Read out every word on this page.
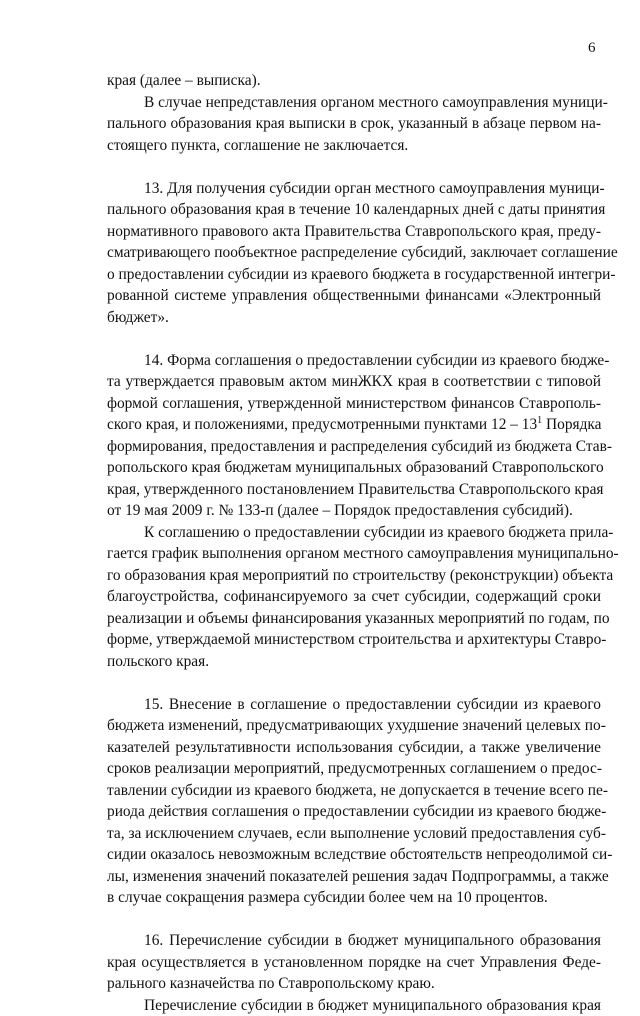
6
края (далее – выписка).
В случае непредставления органом местного самоуправления муници-
пального образования края выписки в срок, указанный в абзаце первом на-
стоящего пункта, соглашение не заключается.
13. Для получения субсидии орган местного самоуправления муници-
пального образования края в течение 10 календарных дней с даты принятия
нормативного правового акта Правительства Ставропольского края, преду-
сматривающего пообъектное распределение субсидий, заключает соглашение
о предоставлении субсидии из краевого бюджета в государственной интегри-
рованной системе управления общественными финансами «Электронный
бюджет».
14. Форма соглашения о предоставлении субсидии из краевого бюдже-
та утверждается правовым актом минЖКХ края в соответствии с типовой
формой соглашения, утвержденной министерством финансов Ставрополь-
ского края, и положениями, предусмотренными пунктами $12 - 13^1$ Порядка
формирования, предоставления и распределения субсидий из бюджета Став-
ропольского края бюджетам муниципальных образований Ставропольского
края, утвержденного постановлением Правительства Ставропольского края
от 19 мая 2009 г. № 133-п (далее – Порядок предоставления субсидий).
К соглашению о предоставлении субсидии из краевого бюджета прила-
гается график выполнения органом местного самоуправления муниципально-
го образования края мероприятий по строительству (реконструкции) объекта
благоустройства, софинансируемого за счет субсидии, содержащий сроки
реализации и объемы финансирования указанных мероприятий по годам, по
форме, утверждаемой министерством строительства и архитектуры Ставро-
польского края.
15. Внесение в соглашение о предоставлении субсидии из краевого
бюджета изменений, предусматривающих ухудшение значений целевых по-
казателей результативности использования субсидии, а также увеличение
сроков реализации мероприятий, предусмотренных соглашением о предос-
тавлении субсидии из краевого бюджета, не допускается в течение всего пе-
риода действия соглашения о предоставлении субсидии из краевого бюдже-
та, за исключением случаев, если выполнение условий предоставления суб-
сидии оказалось невозможным вследствие обстоятельств непреодолимой си-
лы, изменения значений показателей решения задач Подпрограммы, а также
в случае сокращения размера субсидии более чем на 10 процентов.
16. Перечисление субсидии в бюджет муниципального образования
края осуществляется в установленном порядке на счет Управления Феде-
рального казначейства по Ставропольскому краю.
Перечисление субсидии в бюджет муниципального образования края
